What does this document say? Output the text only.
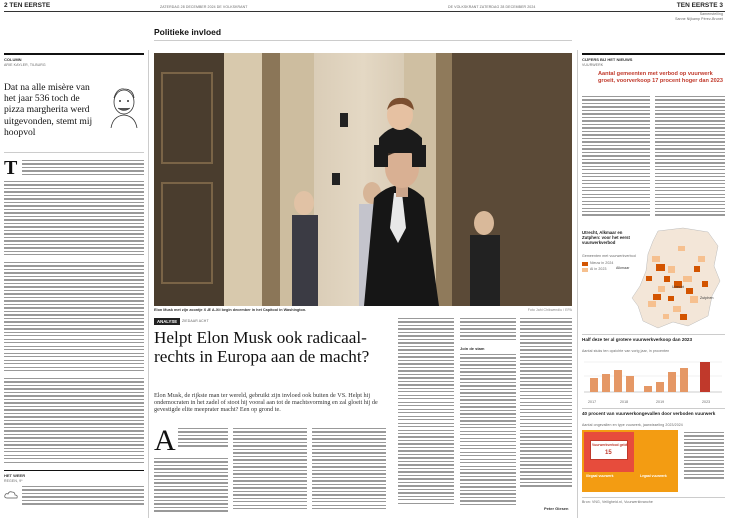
2 TEN EERSTE	ZATERDAG 28 DECEMBER 2024 DE VOLKSKRANT	DE VOLKSKRANT ZATERDAG 28 DECEMBER 2024	TEN EERSTE 3
Samenstelling
Sanne Nijkamp Pérez-Brunet
Politieke invloed
COLUMN
ARIE KAYLER, TILBURG
Dat na alle misère van het jaar 536 toch de pizza margherita werd uitgevonden, stemt mij hoopvol
T
HET WEER
REGEN, 9º
Elon Musk met zijn zoontje X Æ A-Xii begin december in het Capitool in Washington.	Foto Jahi Chikwendiu / EPA
ANALYSE	ZIEDAAR ACHT
Helpt Elon Musk ook radicaal-rechts in Europa aan de macht?
Elon Musk, de rijkste man ter wereld, gebruikt zijn invloed ook buiten de VS. Helpt hij ondemocraten in het zadel of stoot hij vooral aan tot de machtsvorming en zal gloeit hij de gevestigde elite meeprater macht? Een op grond te.
A
Join de stam
Peter Giesen
CIJFERS BIJ HET NIEUWS
VUURWERK
Aantal gemeenten met verbod op vuurwerk groeit, voorverkoop 17 procent hoger dan 2023
Utrecht, Alkmaar en Zutphen: voor het eerst vuurwerkverbod
Gemeenten met vuurwerkverbod
Nieuw in 2024
Al in 2023	Alkmaar
Utrecht
Zutphen
Half deze ter al grotere vuurwerkverkoop dan 2023
Aantal stuks ten opzichte van vorig jaar, in procenten
2017	2018	2019	2023
40 procent van vuurwerkongevallen door verboden vuurwerk
Aantal ongevallen en type vuurwerk, jaarwisseling 2023/2024
Vuurwerkverbod geldt
15
Illegaal vuurwerk	Legaal vuurwerk
Bron: VNG, Veiligheid.nl, Vuurwerkbranche
